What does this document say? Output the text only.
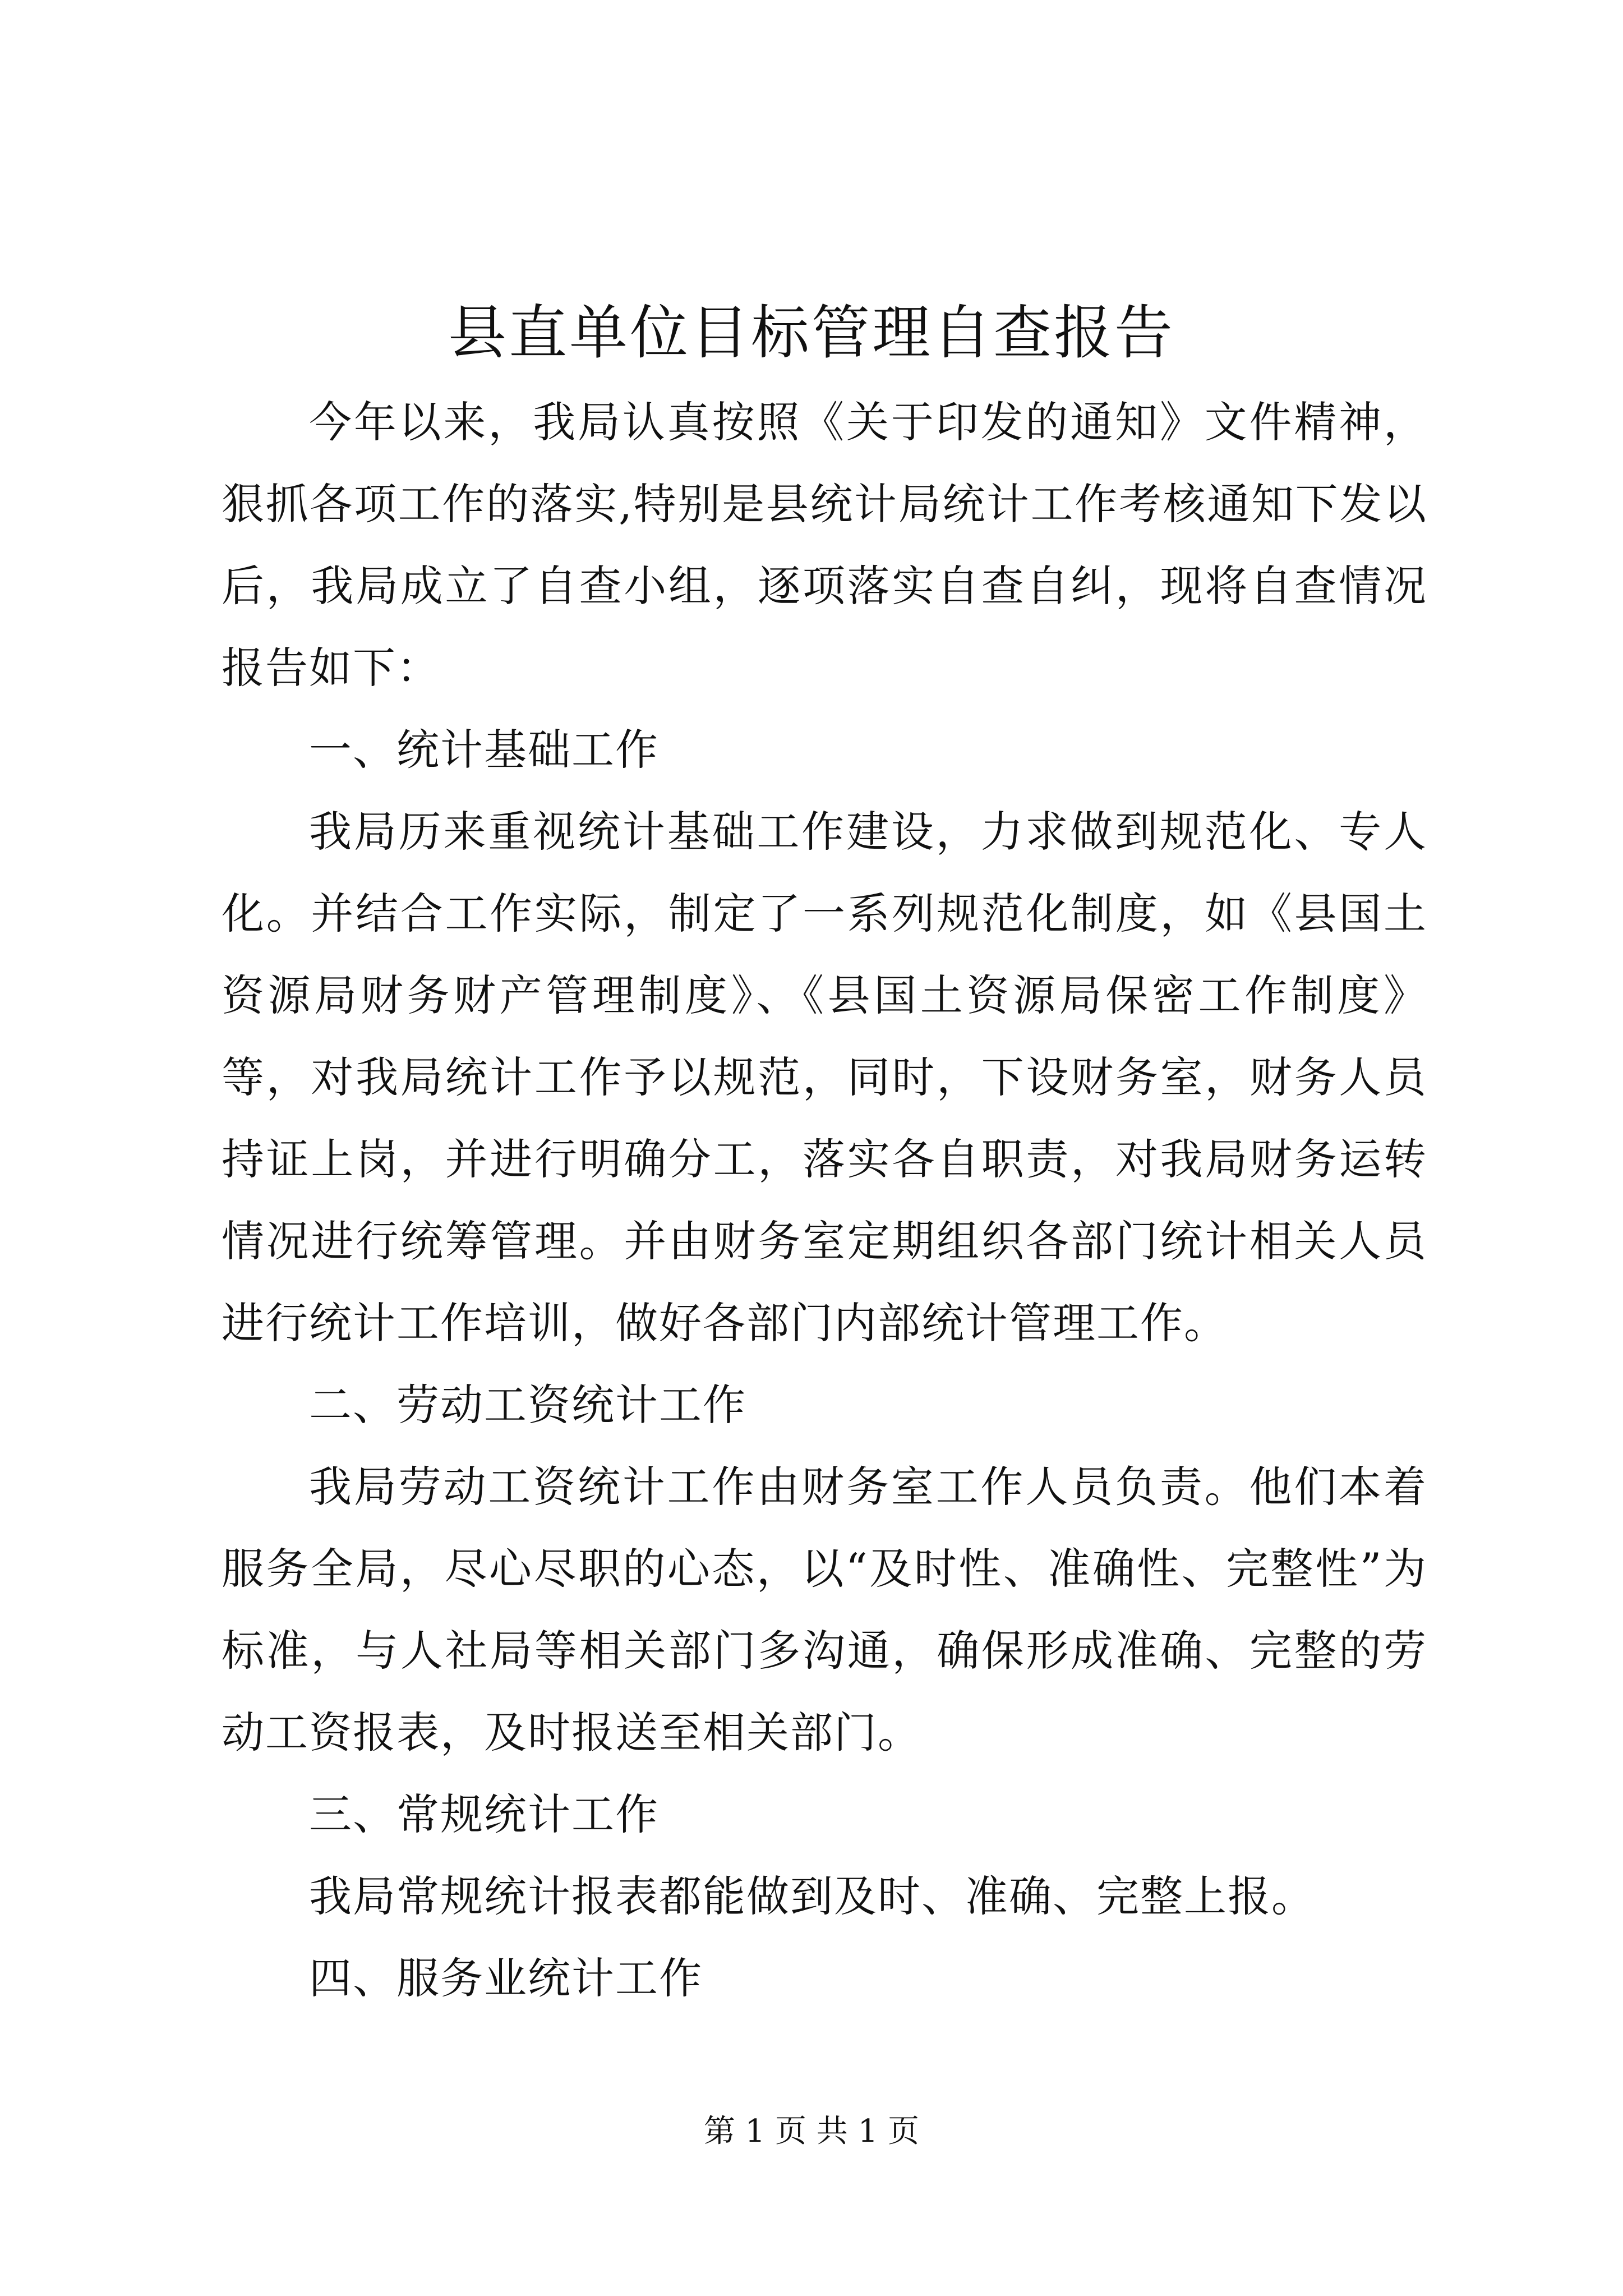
县直单位目标管理自查报告

今年以来，我局认真按照《关于印发的通知》文件精神，狠抓各项工作的落实,特别是县统计局统计工作考核通知下发以后，我局成立了自查小组，逐项落实自查自纠，现将自查情况报告如下：

一、统计基础工作

我局历来重视统计基础工作建设，力求做到规范化、专人化。并结合工作实际，制定了一系列规范化制度，如《县国土资源局财务财产管理制度》、《县国土资源局保密工作制度》等，对我局统计工作予以规范，同时，下设财务室，财务人员持证上岗，并进行明确分工，落实各自职责，对我局财务运转情况进行统筹管理。并由财务室定期组织各部门统计相关人员进行统计工作培训，做好各部门内部统计管理工作。

二、劳动工资统计工作

我局劳动工资统计工作由财务室工作人员负责。他们本着服务全局，尽心尽职的心态，以“及时性、准确性、完整性”为标准，与人社局等相关部门多沟通，确保形成准确、完整的劳动工资报表，及时报送至相关部门。

三、常规统计工作

我局常规统计报表都能做到及时、准确、完整上报。

四、服务业统计工作

第 1 页 共 1 页
